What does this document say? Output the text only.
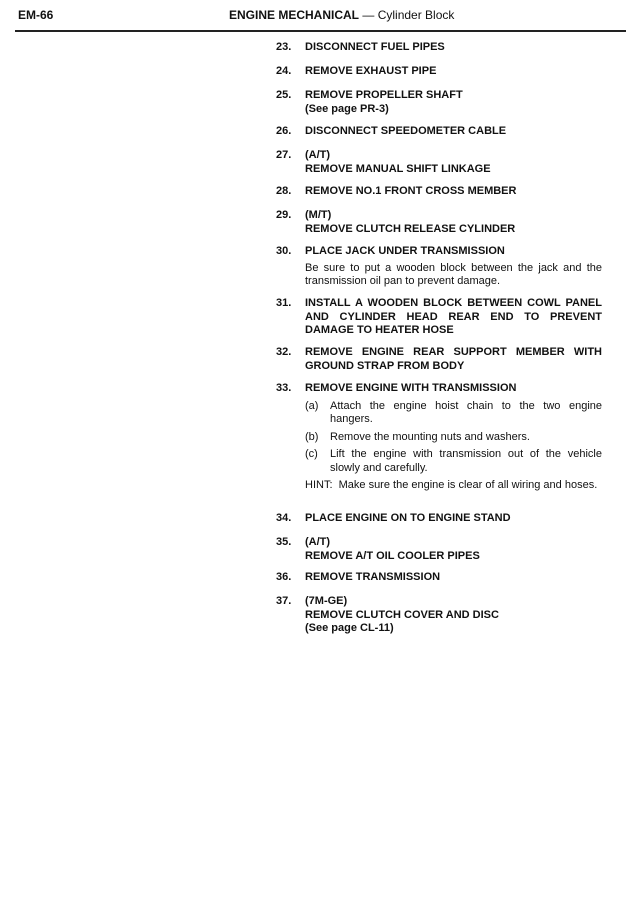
EM-66	ENGINE MECHANICAL — Cylinder Block
23. DISCONNECT FUEL PIPES
24. REMOVE EXHAUST PIPE
25. REMOVE PROPELLER SHAFT
(See page PR-3)
26. DISCONNECT SPEEDOMETER CABLE
27. (A/T)
REMOVE MANUAL SHIFT LINKAGE
28. REMOVE NO.1 FRONT CROSS MEMBER
29. (M/T)
REMOVE CLUTCH RELEASE CYLINDER
30. PLACE JACK UNDER TRANSMISSION
Be sure to put a wooden block between the jack and the transmission oil pan to prevent damage.
31. INSTALL A WOODEN BLOCK BETWEEN COWL PANEL AND CYLINDER HEAD REAR END TO PREVENT DAMAGE TO HEATER HOSE
32. REMOVE ENGINE REAR SUPPORT MEMBER WITH GROUND STRAP FROM BODY
33. REMOVE ENGINE WITH TRANSMISSION
(a) Attach the engine hoist chain to the two engine hangers.
(b) Remove the mounting nuts and washers.
(c) Lift the engine with transmission out of the vehicle slowly and carefully.
HINT:  Make sure the engine is clear of all wiring and hoses.
34. PLACE ENGINE ON TO ENGINE STAND
35. (A/T)
REMOVE A/T OIL COOLER PIPES
36. REMOVE TRANSMISSION
37. (7M-GE)
REMOVE CLUTCH COVER AND DISC
(See page CL-11)
